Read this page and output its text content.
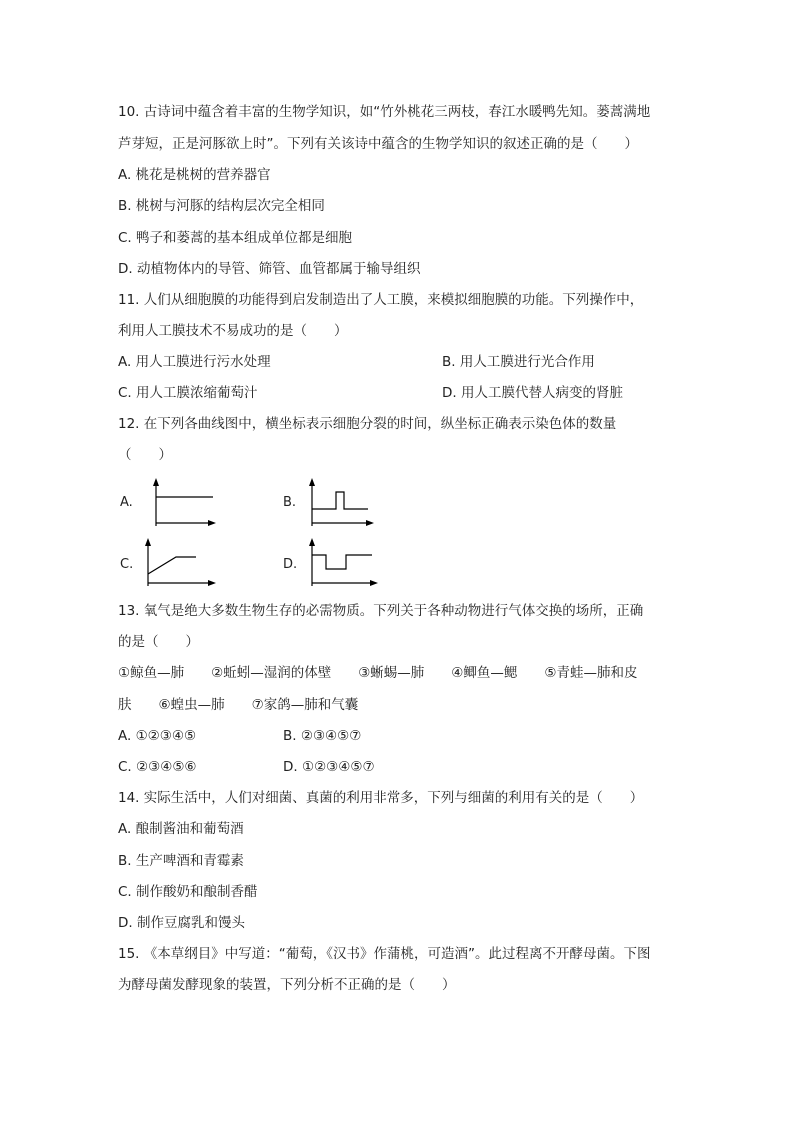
10. 古诗词中蕴含着丰富的生物学知识，如“竹外桃花三两枝，春江水暖鸭先知。蒌蒿满地
芦芽短，正是河豚欲上时”。下列有关该诗中蕴含的生物学知识的叙述正确的是（　　）
A. 桃花是桃树的营养器官
B. 桃树与河豚的结构层次完全相同
C. 鸭子和蒌蒿的基本组成单位都是细胞
D. 动植物体内的导管、筛管、血管都属于输导组织
11. 人们从细胞膜的功能得到启发制造出了人工膜，来模拟细胞膜的功能。下列操作中，
利用人工膜技术不易成功的是（　　）
A. 用人工膜进行污水处理	B. 用人工膜进行光合作用
C. 用人工膜浓缩葡萄汁	D. 用人工膜代替人病变的肾脏
12. 在下列各曲线图中，横坐标表示细胞分裂的时间，纵坐标正确表示染色体的数量
（　　）
A.	B.
C.	D.
13. 氧气是绝大多数生物生存的必需物质。下列关于各种动物进行气体交换的场所，正确
的是（　　）
①鲸鱼—肺　　②蚯蚓—湿润的体壁　　③蜥蜴—肺　　④鲫鱼—鳃　　⑤青蛙—肺和皮
肤　　⑥蝗虫—肺　　⑦家鸽—肺和气囊
A. ①②③④⑤	B. ②③④⑤⑦
C. ②③④⑤⑥	D. ①②③④⑤⑦
14. 实际生活中，人们对细菌、真菌的利用非常多，下列与细菌的利用有关的是（　　）
A. 酿制酱油和葡萄酒
B. 生产啤酒和青霉素
C. 制作酸奶和酿制香醋
D. 制作豆腐乳和馒头
15. 《本草纲目》中写道：“葡萄，《汉书》作蒲桃，可造酒”。此过程离不开酵母菌。下图
为酵母菌发酵现象的装置，下列分析不正确的是（　　）
